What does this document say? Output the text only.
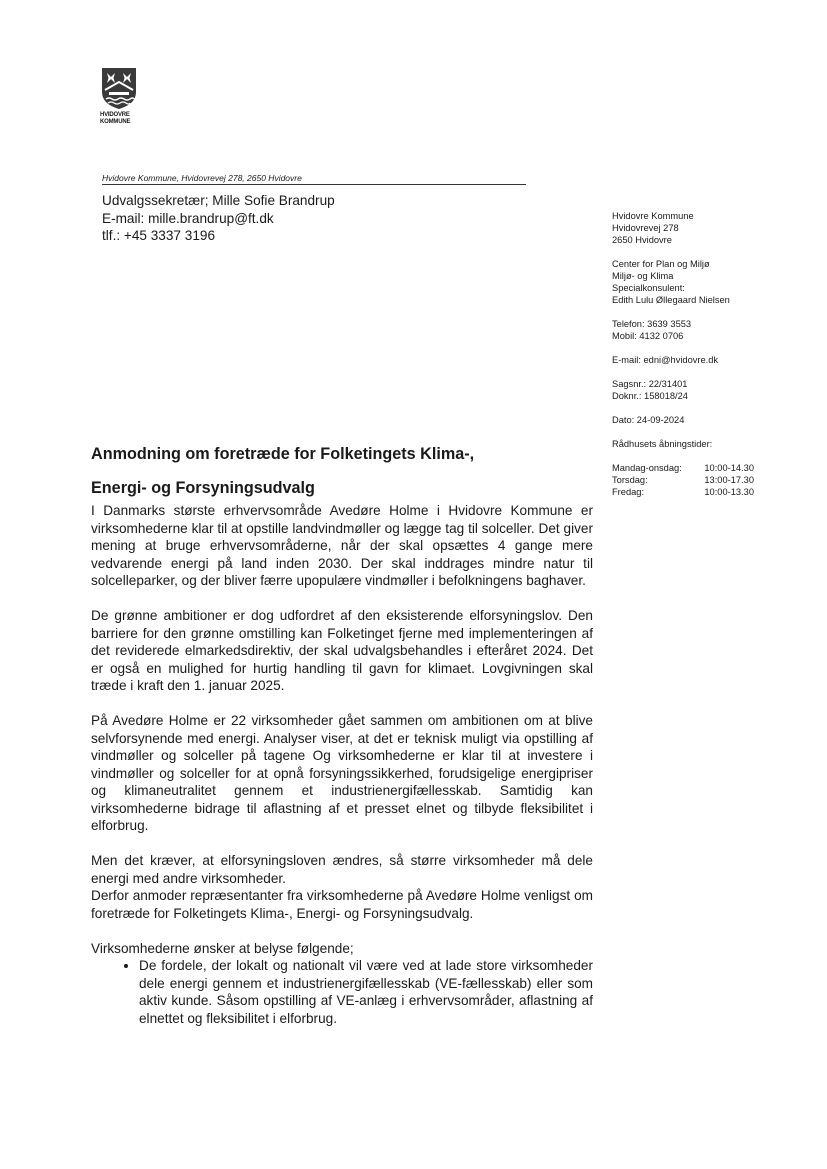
HVIDOVRE
KOMMUNE
Hvidovre Kommune, Hvidovrevej 278, 2650 Hvidovre
Udvalgssekretær; Mille Sofie Brandrup
E-mail: mille.brandrup@ft.dk
tlf.: +45 3337 3196
Hvidovre Kommune
Hvidovrevej 278
2650 Hvidovre
Center for Plan og Miljø
Miljø- og Klima
Specialkonsulent:
Edith Lulu Øllegaard Nielsen
Telefon: 3639 3553
Mobil: 4132 0706
E-mail: edni@hvidovre.dk
Sagsnr.: 22/31401
Doknr.: 158018/24
Dato: 24-09-2024
Rådhusets åbningstider:
Mandag-onsdag:	10:00-14.30
Torsdag:	13:00-17.30
Fredag:	10:00-13.30
Anmodning om foretræde for Folketingets Klima-,
Energi- og Forsyningsudvalg

I Danmarks største erhvervsområde Avedøre Holme i Hvidovre Kommune er virksomhederne klar til at opstille landvindmøller og lægge tag til solceller. Det giver mening at bruge erhvervsområderne, når der skal opsættes 4 gange mere vedvarende energi på land inden 2030. Der skal inddrages mindre natur til solcelleparker, og der bliver færre upopulære vindmøller i befolkningens baghaver.

De grønne ambitioner er dog udfordret af den eksisterende elforsyningslov. Den barriere for den grønne omstilling kan Folketinget fjerne med implementeringen af det reviderede elmarkedsdirektiv, der skal udvalgsbehandles i efteråret 2024. Det er også en mulighed for hurtig handling til gavn for klimaet. Lovgivningen skal træde i kraft den 1. januar 2025.

På Avedøre Holme er 22 virksomheder gået sammen om ambitionen om at blive selvforsynende med energi. Analyser viser, at det er teknisk muligt via opstilling af vindmøller og solceller på tagene Og virksomhederne er klar til at investere i vindmøller og solceller for at opnå forsyningssikkerhed, forudsigelige energipriser og klimaneutralitet gennem et industrienergifællesskab. Samtidig kan virksomhederne bidrage til aflastning af et presset elnet og tilbyde fleksibilitet i elforbrug.

Men det kræver, at elforsyningsloven ændres, så større virksomheder må dele energi med andre virksomheder.

Derfor anmoder repræsentanter fra virksomhederne på Avedøre Holme venligst om foretræde for Folketingets Klima-, Energi- og Forsyningsudvalg.

Virksomhederne ønsker at belyse følgende;

• De fordele, der lokalt og nationalt vil være ved at lade store virksomheder dele energi gennem et industrienergifællesskab (VE-fællesskab) eller som aktiv kunde. Såsom opstilling af VE-anlæg i erhvervsområder, aflastning af elnettet og fleksibilitet i elforbrug.
